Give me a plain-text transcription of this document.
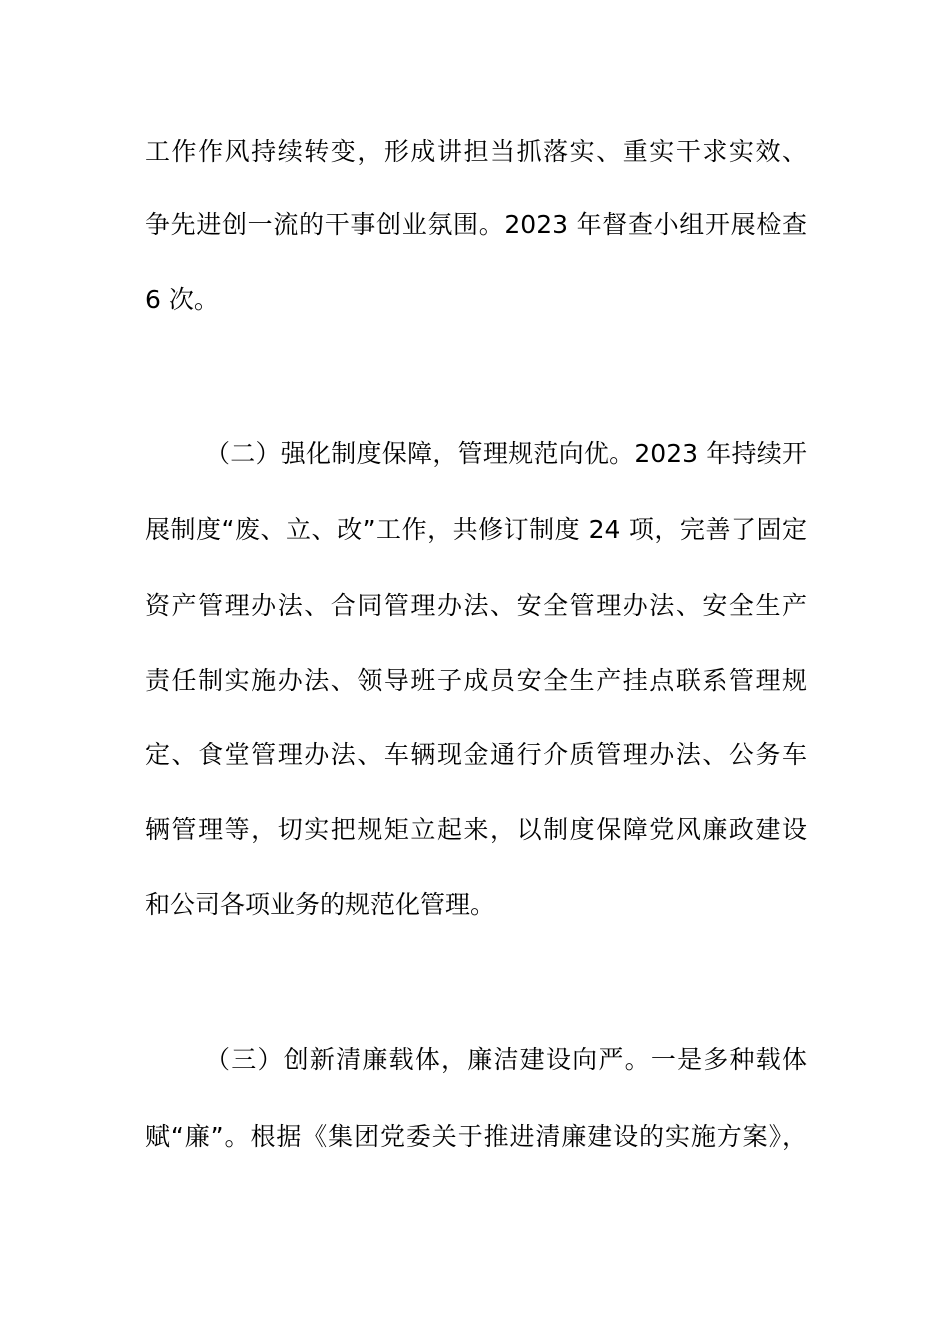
工作作风持续转变，形成讲担当抓落实、重实干求实效、
争先进创一流的干事创业氛围。2023 年督查小组开展检查
6 次。
（二）强化制度保障，管理规范向优。2023 年持续开
展制度“废、立、改”工作，共修订制度 24 项，完善了固定
资产管理办法、合同管理办法、安全管理办法、安全生产
责任制实施办法、领导班子成员安全生产挂点联系管理规
定、食堂管理办法、车辆现金通行介质管理办法、公务车
辆管理等，切实把规矩立起来，以制度保障党风廉政建设
和公司各项业务的规范化管理。
（三）创新清廉载体，廉洁建设向严。一是多种载体
赋“廉”。根据《集团党委关于推进清廉建设的实施方案》，
